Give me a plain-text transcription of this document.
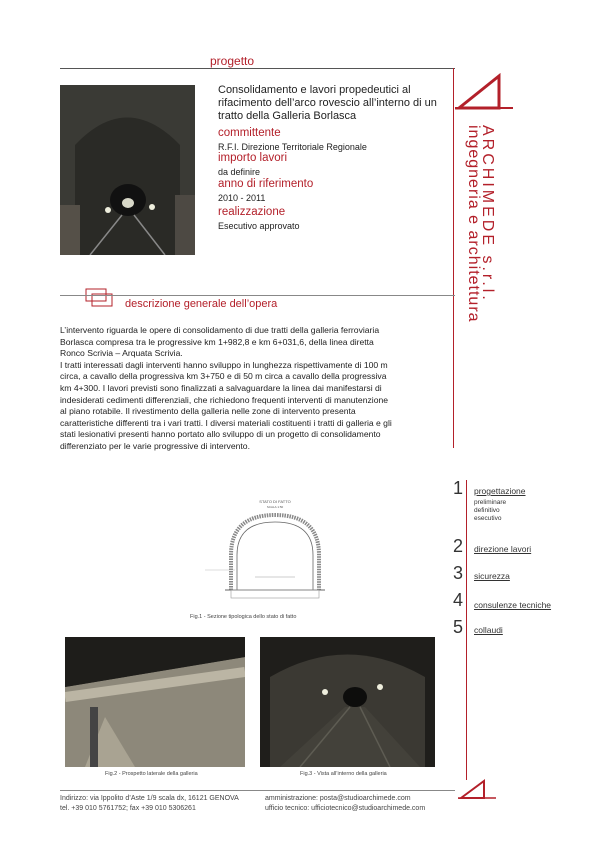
progetto
Consolidamento e lavori propedeutici al rifacimento dell’arco rovescio all’interno di un tratto della Galleria Borlasca
committente
R.F.I. Direzione Territoriale Regionale
importo lavori
da definire
anno di riferimento
2010 - 2011
realizzazione
Esecutivo approvato	ARCHIMEDE s.r.l.
ingegneria e architettura
descrizione generale dell’opera
L’intervento riguarda le opere di consolidamento di due tratti della galleria ferroviaria Borlasca compresa tra le progressive km 1+982,8 e km 6+031,6, della linea diretta Ronco Scrivia – Arquata Scrivia.
I tratti interessati dagli interventi hanno sviluppo in lunghezza rispettivamente di 100 m circa, a cavallo della progressiva km 3+750 e di 50 m circa a cavallo della progressiva km 4+300. I lavori previsti sono finalizzati a salvaguardare la linea dai manifestarsi di indesiderati cedimenti differenziali, che richiedono frequenti interventi di manutenzione al piano rotabile. Il rivestimento della galleria nelle zone di intervento presenta caratteristiche differenti tra i vari tratti. I diversi materiali costituenti i tratti di galleria e gli stati lesionativi presenti hanno portato allo sviluppo di un progetto di consolidamento differenziato per le varie progressive di intervento.
STATO DI FATTO
SCALA 1:50
Fig.1 - Sezione tipologica dello stato di fatto
Fig.2 - Prospetto laterale della galleria	Fig.3 - Vista all’interno della galleria
1 progettazione
preliminare
definitivo
esecutivo
2 direzione lavori
3 sicurezza
4 consulenze tecniche
5 collaudi
Indirizzo: via Ippolito d’Aste 1/9 scala dx, 16121 GENOVA
tel. +39 010 5761752; fax +39 010 5306261
amministrazione: posta@studioarchimede.com
ufficio tecnico: ufficiotecnico@studioarchimede.com
